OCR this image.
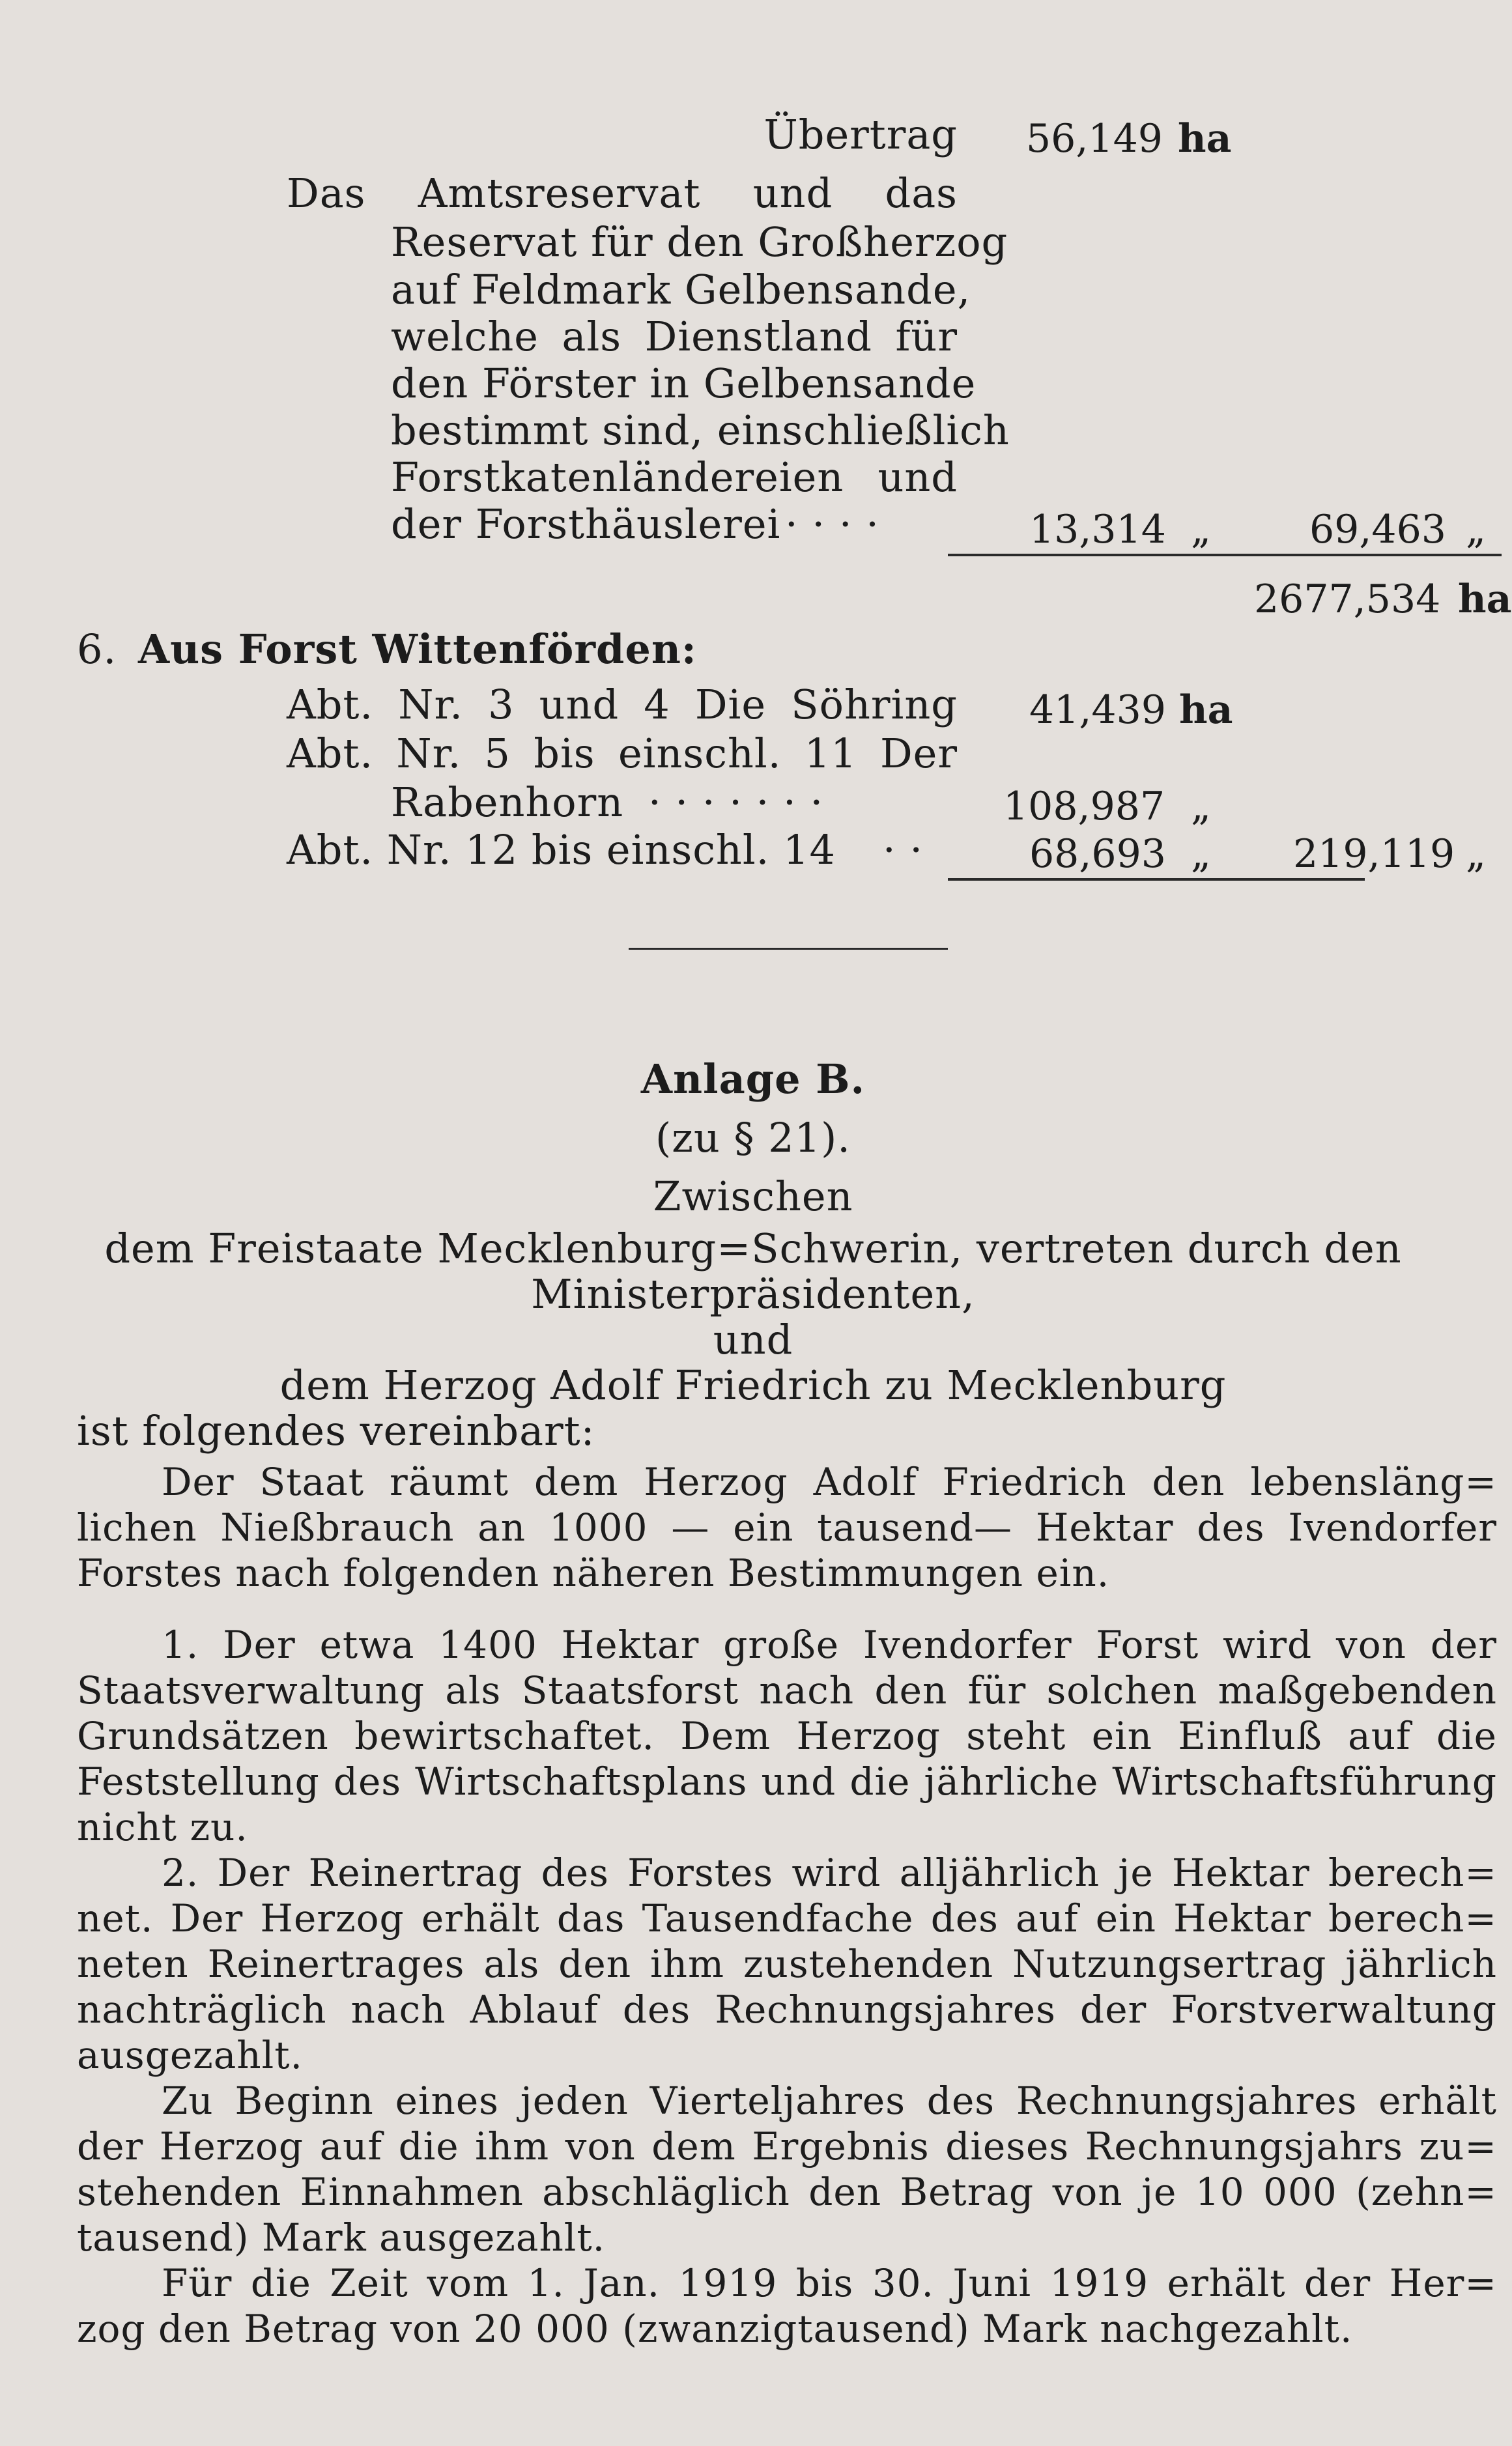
Übertrag 56,149 ha
Das Amtsreservat und das
Reservat für den Großherzog
auf Feldmark Gelbensande,
welche als Dienstland für
den Förster in Gelbensande
bestimmt sind, einschließlich
Forstkatenländereien und
der Forsthäuslerei · · · ·	13,314 „	69,463 „
2677,534 ha
6. Aus Forst Wittenförden:
Abt. Nr. 3 und 4 Die Söhring 41,439 ha
Abt. Nr. 5 bis einschl. 11 Der
Rabenhorn · · · · · · ·	108,987 „
Abt. Nr. 12 bis einschl. 14 · ·	68,693 „ 219,119 „
Anlage B.
(zu § 21).
Zwischen
dem Freistaate Mecklenburg=Schwerin, vertreten durch den
Ministerpräsidenten,
und
dem Herzog Adolf Friedrich zu Mecklenburg
ist folgendes vereinbart:
Der Staat räumt dem Herzog Adolf Friedrich den lebensläng=
lichen Nießbrauch an 1000 — ein tausend— Hektar des Ivendorfer
Forstes nach folgenden näheren Bestimmungen ein.
1. Der etwa 1400 Hektar große Ivendorfer Forst wird von der
Staatsverwaltung als Staatsforst nach den für solchen maßgebenden
Grundsätzen bewirtschaftet. Dem Herzog steht ein Einfluß auf die
Feststellung des Wirtschaftsplans und die jährliche Wirtschaftsführung
nicht zu.
2. Der Reinertrag des Forstes wird alljährlich je Hektar berech=
net. Der Herzog erhält das Tausendfache des auf ein Hektar berech=
neten Reinertrages als den ihm zustehenden Nutzungsertrag jährlich
nachträglich nach Ablauf des Rechnungsjahres der Forstverwaltung
ausgezahlt.
Zu Beginn eines jeden Vierteljahres des Rechnungsjahres erhält
der Herzog auf die ihm von dem Ergebnis dieses Rechnungsjahrs zu=
stehenden Einnahmen abschläglich den Betrag von je 10 000 (zehn=
tausend) Mark ausgezahlt.
Für die Zeit vom 1. Jan. 1919 bis 30. Juni 1919 erhält der Her=
zog den Betrag von 20 000 (zwanzigtausend) Mark nachgezahlt.
